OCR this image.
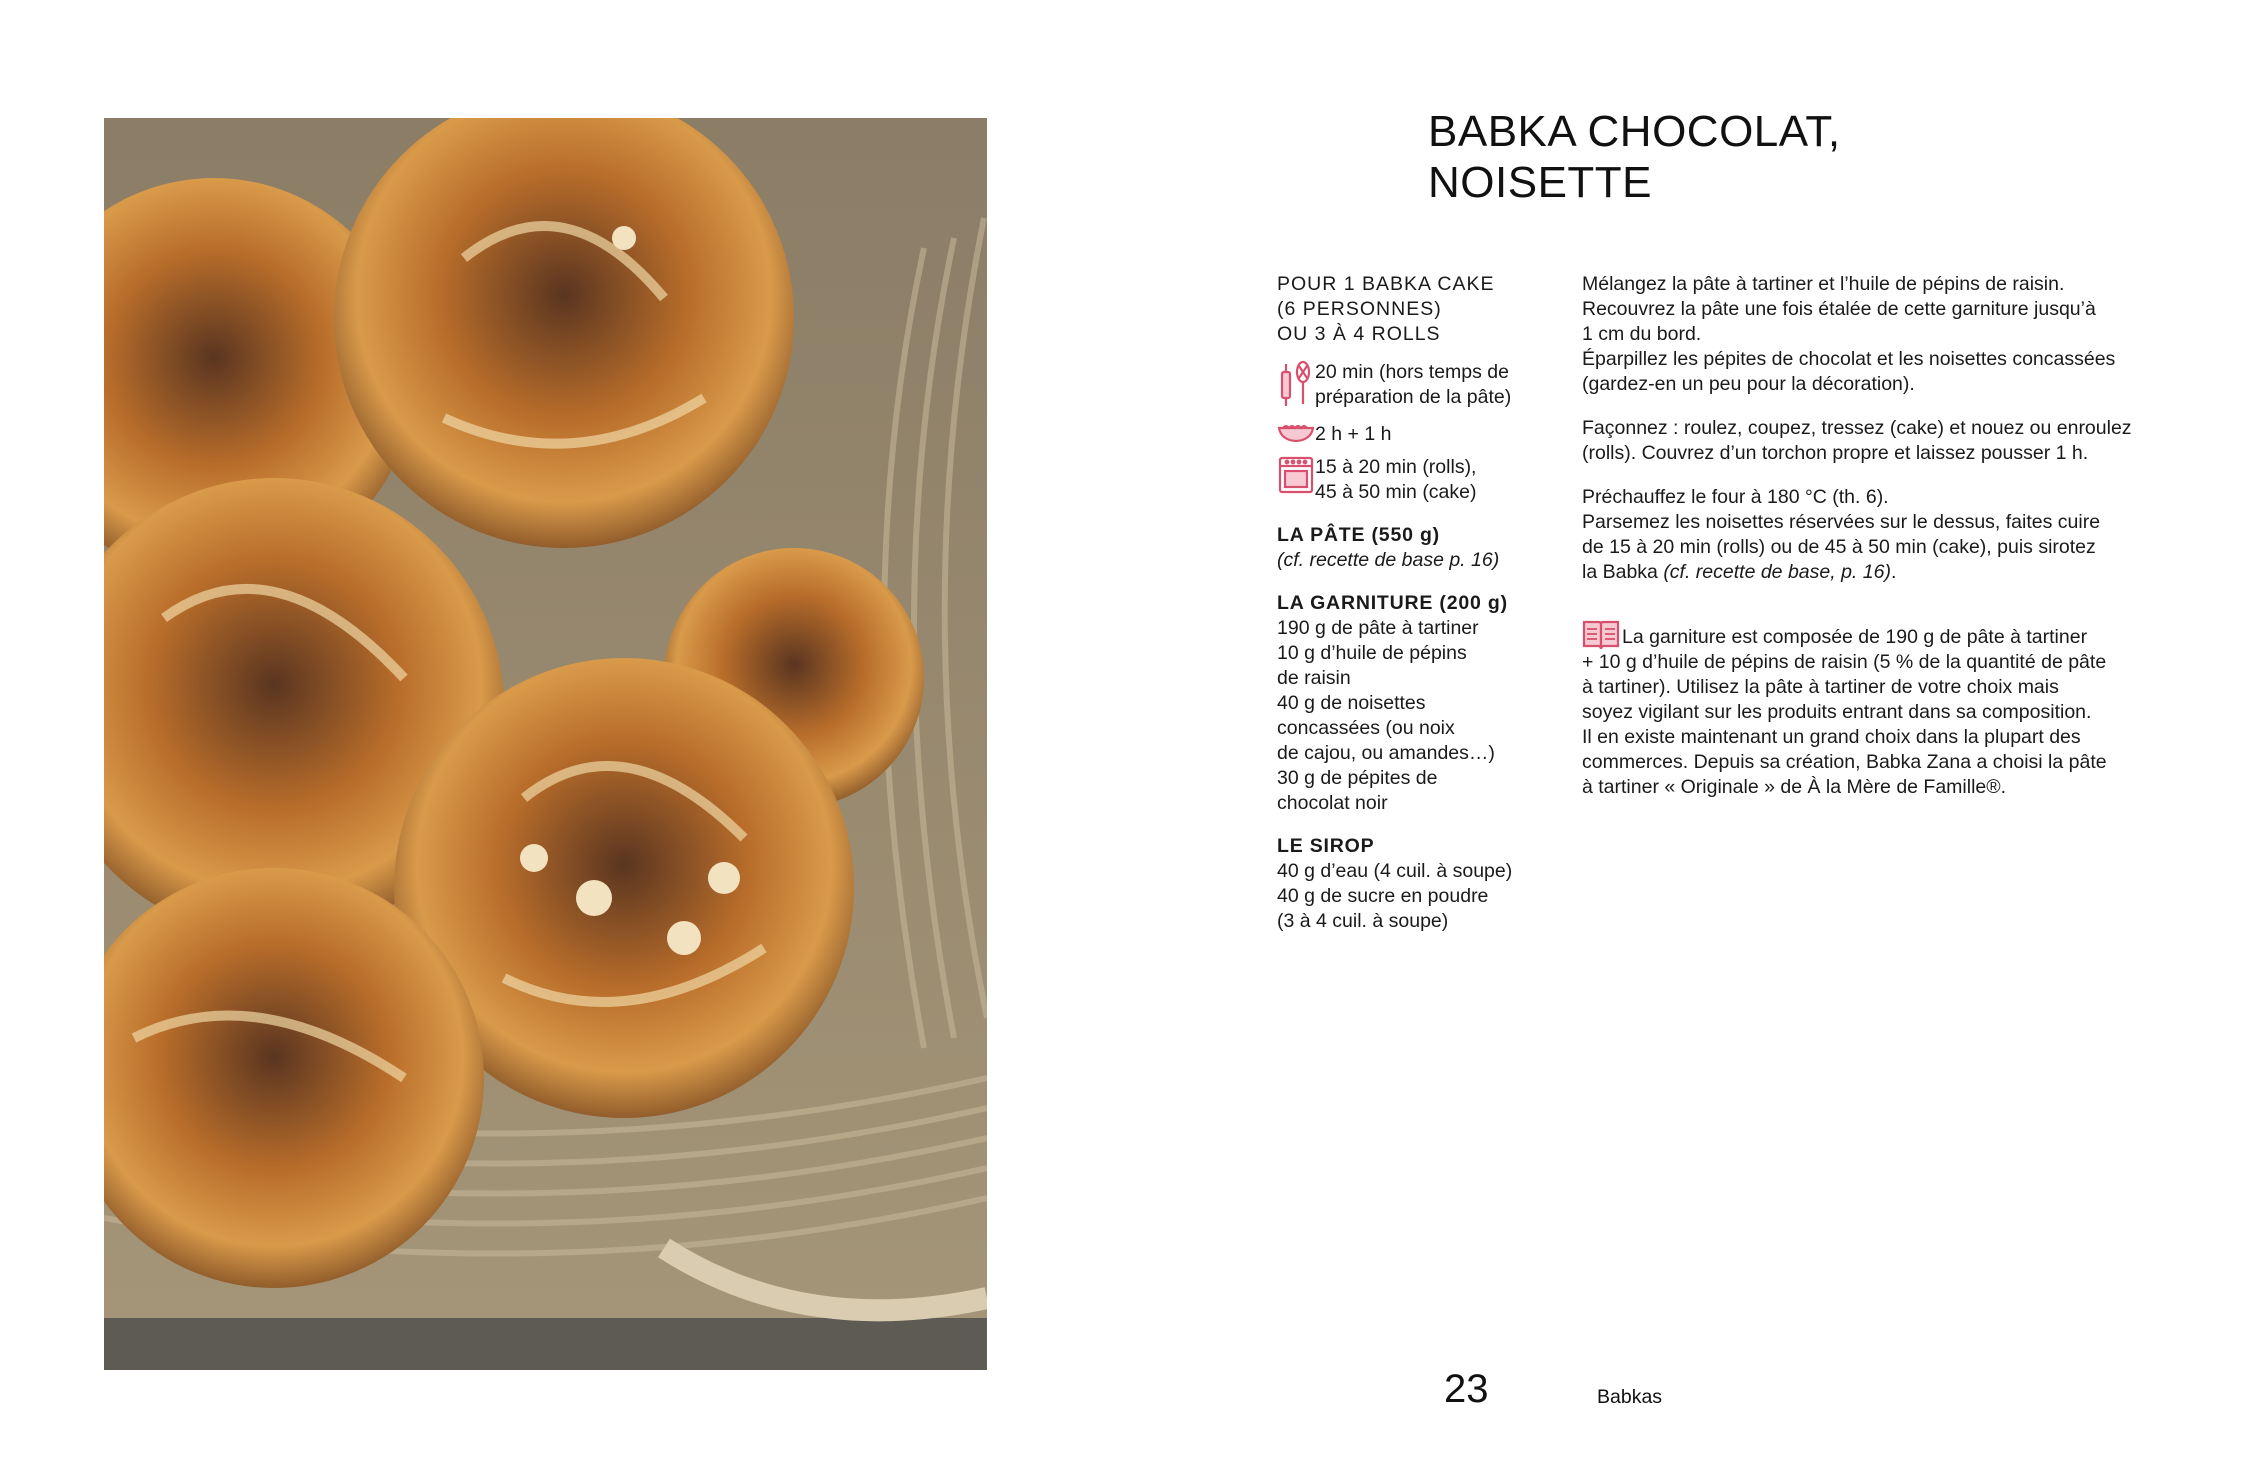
BABKA CHOCOLAT,
NOISETTE
POUR 1 BABKA CAKE
(6 PERSONNES)
OU 3 À 4 ROLLS
20 min (hors temps de
préparation de la pâte)
2 h + 1 h
15 à 20 min (rolls),
45 à 50 min (cake)
LA PÂTE (550 g)
(cf. recette de base p. 16)
LA GARNITURE (200 g)
190 g de pâte à tartiner
10 g d’huile de pépins
de raisin
40 g de noisettes
concassées (ou noix
de cajou, ou amandes…)
30 g de pépites de
chocolat noir
LE SIROP
40 g d’eau (4 cuil. à soupe)
40 g de sucre en poudre
(3 à 4 cuil. à soupe)
Mélangez la pâte à tartiner et l’huile de pépins de raisin.
Recouvrez la pâte une fois étalée de cette garniture jusqu’à
1 cm du bord.
Éparpillez les pépites de chocolat et les noisettes concassées
(gardez-en un peu pour la décoration).
Façonnez : roulez, coupez, tressez (cake) et nouez ou enroulez
(rolls). Couvrez d’un torchon propre et laissez pousser 1 h.
Préchauffez le four à 180 °C (th. 6).
Parsemez les noisettes réservées sur le dessus, faites cuire
de 15 à 20 min (rolls) ou de 45 à 50 min (cake), puis sirotez
la Babka (cf. recette de base, p. 16).
La garniture est composée de 190 g de pâte à tartiner
+ 10 g d’huile de pépins de raisin (5 % de la quantité de pâte
à tartiner). Utilisez la pâte à tartiner de votre choix mais
soyez vigilant sur les produits entrant dans sa composition.
Il en existe maintenant un grand choix dans la plupart des
commerces. Depuis sa création, Babka Zana a choisi la pâte
à tartiner « Originale » de À la Mère de Famille®.
23	Babkas
